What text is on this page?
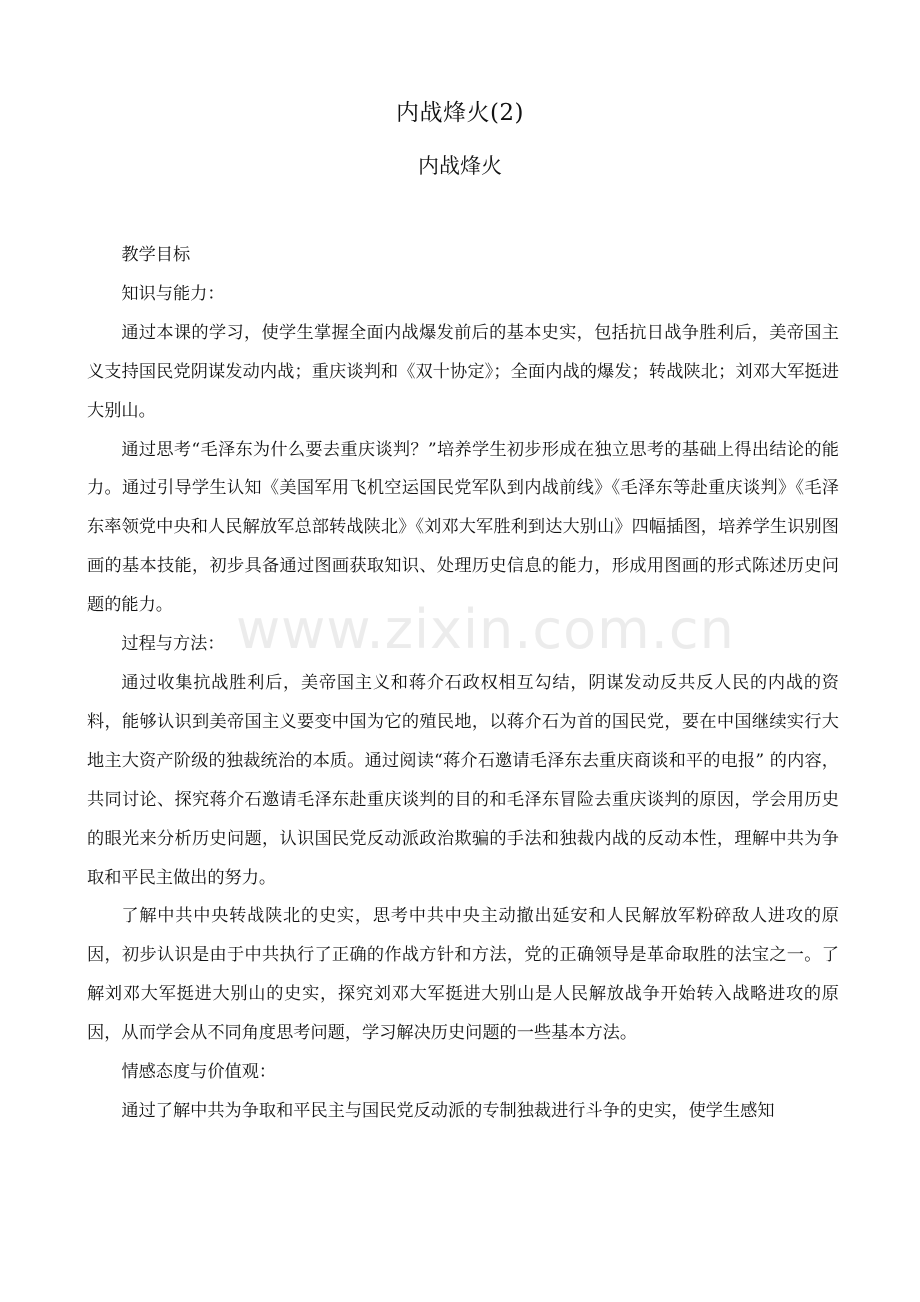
内战烽火(2)
内战烽火

教学目标

知识与能力：

通过本课的学习，使学生掌握全面内战爆发前后的基本史实，包括抗日战争胜利后，美帝国主义支持国民党阴谋发动内战；重庆谈判和《双十协定》；全面内战的爆发；转战陕北；刘邓大军挺进大别山。

通过思考“毛泽东为什么要去重庆谈判？”培养学生初步形成在独立思考的基础上得出结论的能力。通过引导学生认知《美国军用飞机空运国民党军队到内战前线》《毛泽东等赴重庆谈判》《毛泽东率领党中央和人民解放军总部转战陕北》《刘邓大军胜利到达大别山》四幅插图，培养学生识别图画的基本技能，初步具备通过图画获取知识、处理历史信息的能力，形成用图画的形式陈述历史问题的能力。

过程与方法：

通过收集抗战胜利后，美帝国主义和蒋介石政权相互勾结，阴谋发动反共反人民的内战的资料，能够认识到美帝国主义要变中国为它的殖民地，以蒋介石为首的国民党，要在中国继续实行大地主大资产阶级的独裁统治的本质。通过阅读“蒋介石邀请毛泽东去重庆商谈和平的电报” 的内容，共同讨论、探究蒋介石邀请毛泽东赴重庆谈判的目的和毛泽东冒险去重庆谈判的原因，学会用历史的眼光来分析历史问题，认识国民党反动派政治欺骗的手法和独裁内战的反动本性，理解中共为争取和平民主做出的努力。

了解中共中央转战陕北的史实，思考中共中央主动撤出延安和人民解放军粉碎敌人进攻的原因，初步认识是由于中共执行了正确的作战方针和方法，党的正确领导是革命取胜的法宝之一。了解刘邓大军挺进大别山的史实，探究刘邓大军挺进大别山是人民解放战争开始转入战略进攻的原因，从而学会从不同角度思考问题，学习解决历史问题的一些基本方法。

情感态度与价值观：

通过了解中共为争取和平民主与国民党反动派的专制独裁进行斗争的史实，使学生感知

www.zixin.com.cn
